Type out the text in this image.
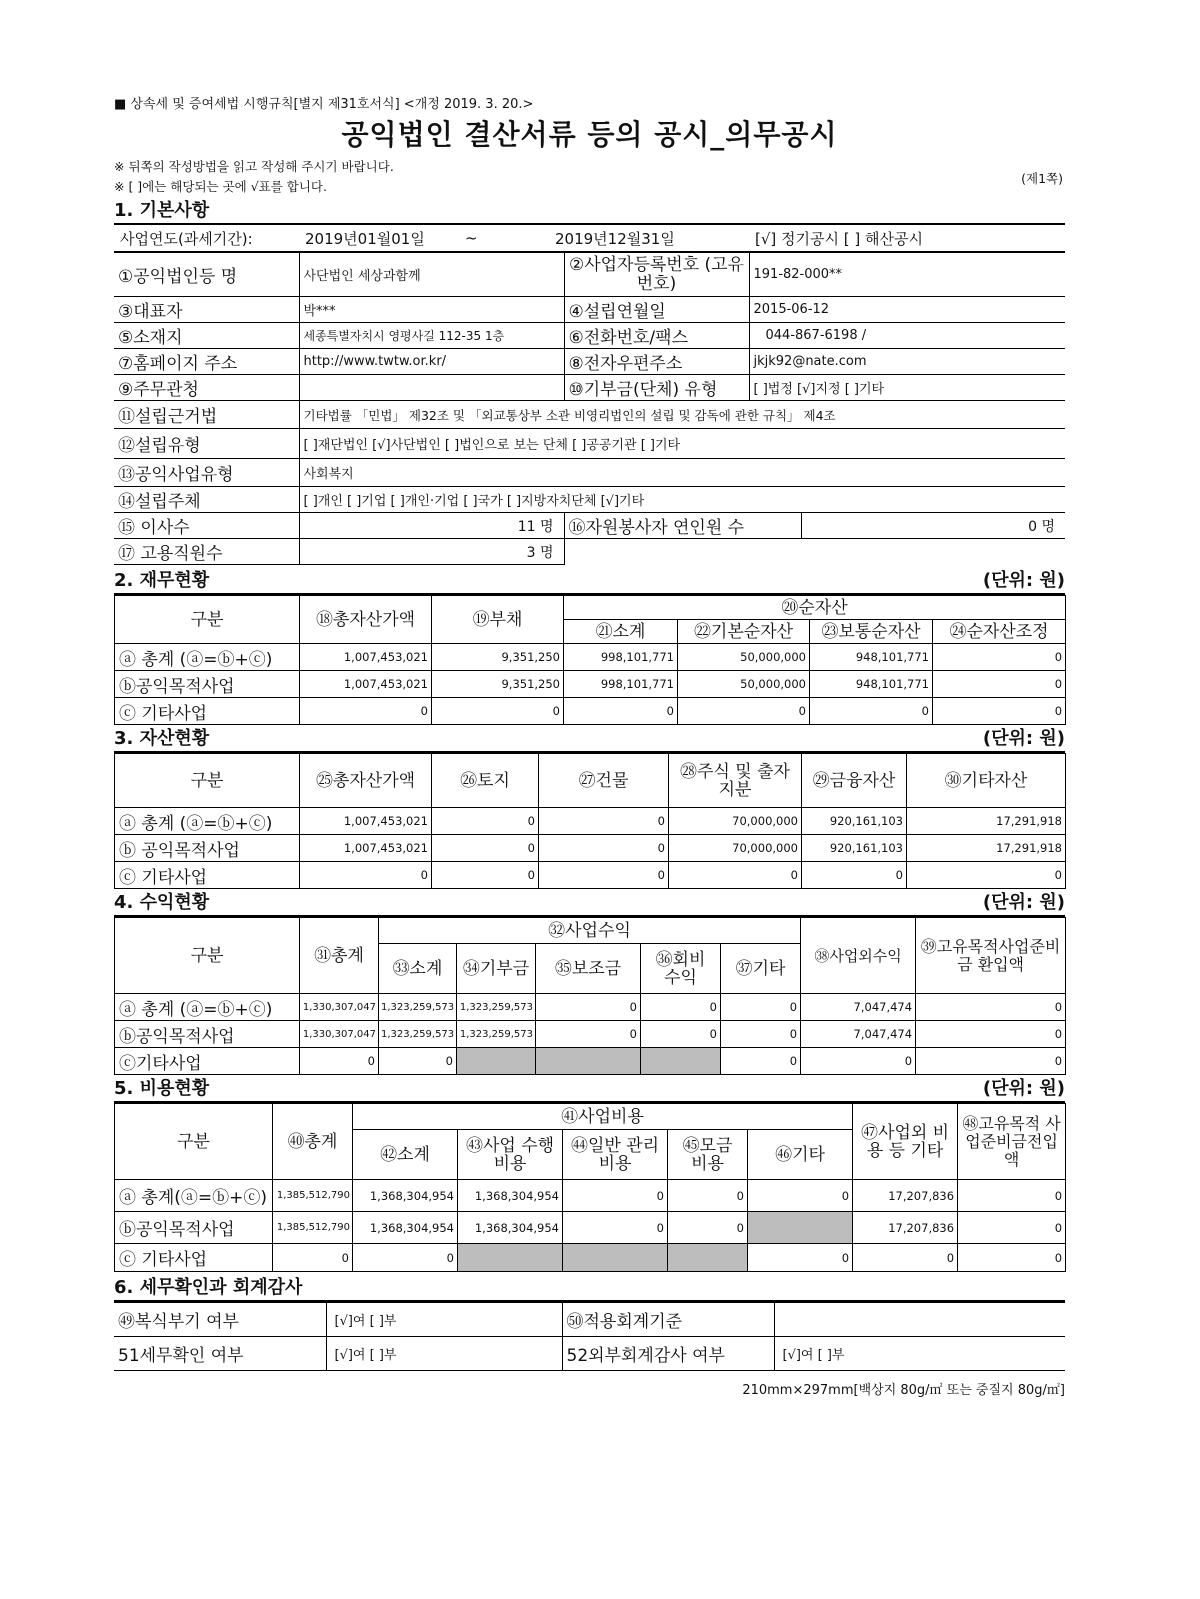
■ 상속세 및 증여세법 시행규칙[별지 제31호서식] <개정 2019. 3. 20.>
공익법인 결산서류 등의 공시_의무공시
※ 뒤쪽의 작성방법을 읽고 작성해 주시기 바랍니다.
※ [ ]에는 해당되는 곳에 √표를 합니다.
(제1쪽)
1. 기본사항
사업연도(과세기간):	2019년01월01일	~	2019년12월31일	[√] 정기공시 [ ] 해산공시
①공익법인등 명	사단법인 세상과함께	②사업자등록번호 (고유번호)	191-82-000**
③대표자	박***	④설립연월일	2015-06-12
⑤소재지	세종특별자치시 영평사길 112-35 1층	⑥전화번호/팩스	044-867-6198 /
⑦홈페이지 주소	http://www.twtw.or.kr/	⑧전자우편주소	jkjk92@nate.com
⑨주무관청		⑩기부금(단체) 유형	[ ]법정 [√]지정 [ ]기타
⑪설립근거법	기타법률 「민법」 제32조 및 「외교통상부 소관 비영리법인의 설립 및 감독에 관한 규칙」 제4조		
⑫설립유형	[ ]재단법인 [√]사단법인 [ ]법인으로 보는 단체 [ ]공공기관 [ ]기타		
⑬공익사업유형	사회복지		
⑭설립주체	[ ]개인 [ ]기업 [ ]개인·기업 [ ]국가 [ ]지방자치단체 [√]기타		
⑮ 이사수	11 명	⑯자원봉사자 연인원 수	0 명
⑰ 고용직원수	3 명		
2. 재무현황	(단위: 원)
구분	⑱총자산가액	⑲부채	⑳순자산			
			㉑소계	㉒기본순자산	㉓보통순자산	㉔순자산조정
ⓐ 총계 (ⓐ=ⓑ+ⓒ)	1,007,453,021	9,351,250	998,101,771	50,000,000	948,101,771	0
ⓑ공익목적사업	1,007,453,021	9,351,250	998,101,771	50,000,000	948,101,771	0
ⓒ 기타사업	0	0	0	0	0	0
3. 자산현황	(단위: 원)
구분	㉕총자산가액	㉖토지	㉗건물	㉘주식 및 출자지분	㉙금융자산	㉚기타자산
ⓐ 총계 (ⓐ=ⓑ+ⓒ)	1,007,453,021	0	0	70,000,000	920,161,103	17,291,918
ⓑ 공익목적사업	1,007,453,021	0	0	70,000,000	920,161,103	17,291,918
ⓒ 기타사업	0	0	0	0	0	0
4. 수익현황	(단위: 원)
구분	㉛총계	㉜사업수익					㊳사업외수익	㊴고유목적사업준비금 환입액
		㉝소계	㉞기부금	㉟보조금	㊱회비 수익	㊲기타		
ⓐ 총계 (ⓐ=ⓑ+ⓒ)	1,330,307,047	1,323,259,573	1,323,259,573	0	0	0	7,047,474	0
ⓑ공익목적사업	1,330,307,047	1,323,259,573	1,323,259,573	0	0	0	7,047,474	0
ⓒ기타사업	0	0				0	0	0
5. 비용현황	(단위: 원)
구분	㊵총계	㊶사업비용					㊼사업외 비용 등 기타	㊽고유목적 사업준비금전입액
		㊷소계	㊸사업 수행비용	㊹일반 관리비용	㊺모금 비용	㊻기타		
ⓐ 총계(ⓐ=ⓑ+ⓒ)	1,385,512,790	1,368,304,954	1,368,304,954	0	0	0	17,207,836	0
ⓑ공익목적사업	1,385,512,790	1,368,304,954	1,368,304,954	0	0		17,207,836	0
ⓒ 기타사업	0	0				0	0	0
6. 세무확인과 회계감사
㊾복식부기 여부	[√]여 [ ]부	㊿적용회계기준	
51세무확인 여부	[√]여 [ ]부	52외부회계감사 여부	[√]여 [ ]부
210mm×297mm[백상지 80g/㎡ 또는 중질지 80g/㎡]
